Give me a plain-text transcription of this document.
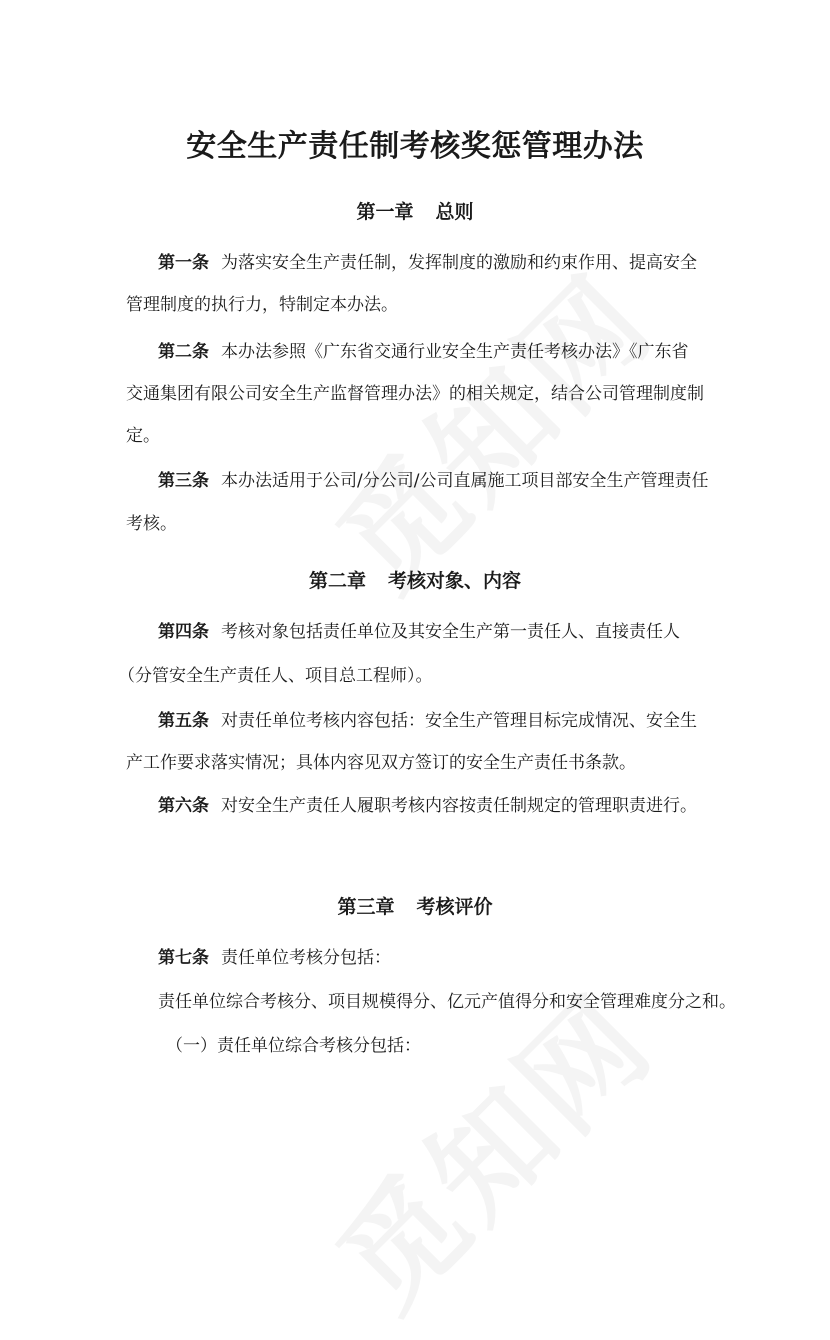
安全生产责任制考核奖惩管理办法
第一章 总则
第一条 为落实安全生产责任制，发挥制度的激励和约束作用、提高安全
管理制度的执行力，特制定本办法。
第二条 本办法参照《广东省交通行业安全生产责任考核办法》《广东省
交通集团有限公司安全生产监督管理办法》的相关规定，结合公司管理制度制
定。
第三条 本办法适用于公司/分公司/公司直属施工项目部安全生产管理责任
考核。
第二章 考核对象、内容
第四条 考核对象包括责任单位及其安全生产第一责任人、直接责任人
（分管安全生产责任人、项目总工程师）。
第五条 对责任单位考核内容包括：安全生产管理目标完成情况、安全生
产工作要求落实情况；具体内容见双方签订的安全生产责任书条款。
第六条 对安全生产责任人履职考核内容按责任制规定的管理职责进行。
第三章 考核评价
第七条 责任单位考核分包括：
责任单位综合考核分、项目规模得分、亿元产值得分和安全管理难度分之和。
（一）责任单位综合考核分包括：
